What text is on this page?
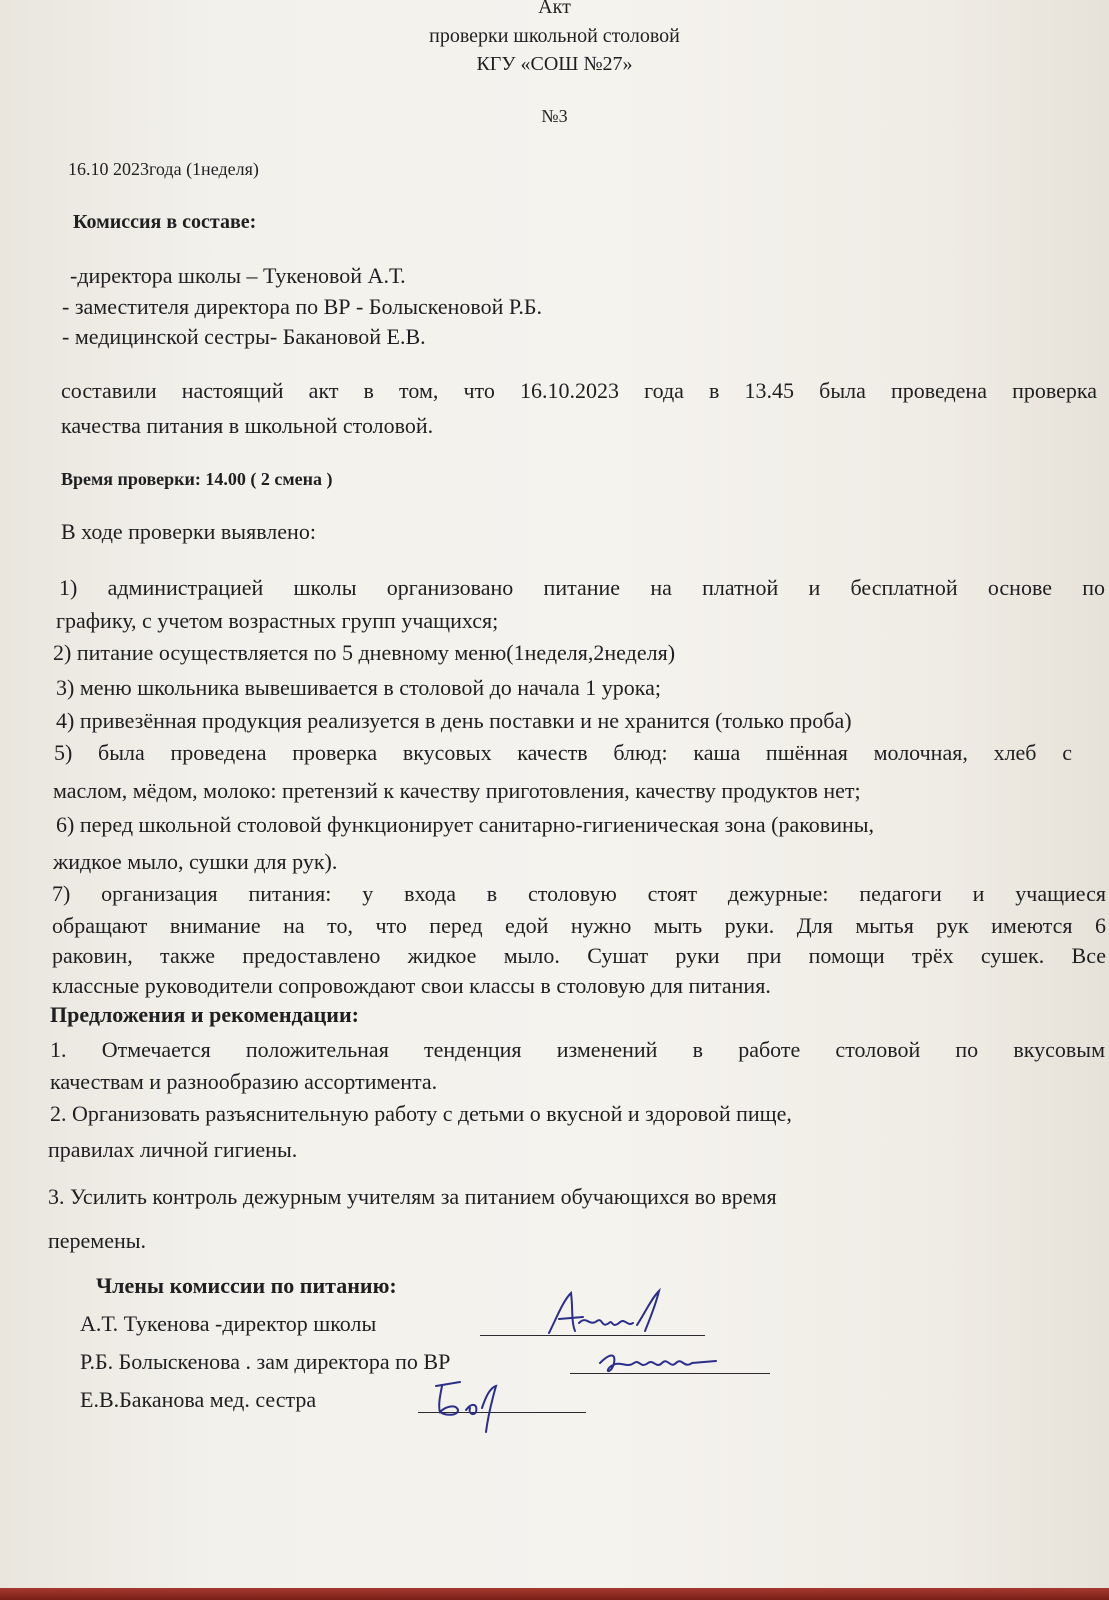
Акт
проверки школьной столовой
КГУ «СОШ №27»
№3
16.10 2023года (1неделя)
Комиссия в составе:
-директора школы – Тукеновой А.Т.
- заместителя директора по ВР - Болыскеновой Р.Б.
- медицинской сестры- Бакановой Е.В.
составили настоящий акт в том, что 16.10.2023 года в 13.45 была проведена проверка
качества питания в школьной столовой.
Время проверки: 14.00 ( 2 смена )
В ходе проверки выявлено:
1) администрацией школы организовано питание на платной и бесплатной основе по
графику, с учетом возрастных групп учащихся;
2) питание осуществляется по 5 дневному меню(1неделя,2неделя)
3) меню школьника вывешивается в столовой до начала 1 урока;
4) привезённая продукция реализуется в день поставки и не хранится (только проба)
5) была проведена проверка вкусовых качеств блюд: каша пшённая молочная, хлеб с
маслом, мёдом, молоко: претензий к качеству приготовления, качеству продуктов нет;
6) перед школьной столовой функционирует санитарно-гигиеническая зона (раковины,
жидкое мыло, сушки для рук).
7) организация питания: у входа в столовую стоят дежурные: педагоги и учащиеся
обращают внимание на то, что перед едой нужно мыть руки. Для мытья рук имеются 6
раковин, также предоставлено жидкое мыло. Сушат руки при помощи трёх сушек. Все
классные руководители сопровождают свои классы в столовую для питания.
Предложения и рекомендации:
1. Отмечается положительная тенденция изменений в работе столовой по вкусовым
качествам и разнообразию ассортимента.
2. Организовать разъяснительную работу с детьми о вкусной и здоровой пище,
правилах личной гигиены.
3. Усилить контроль дежурным учителям за питанием обучающихся во время
перемены.
Члены комиссии по питанию:
А.Т. Тукенова -директор школы
Р.Б. Болыскенова . зам директора по ВР
Е.В.Баканова мед. сестра
